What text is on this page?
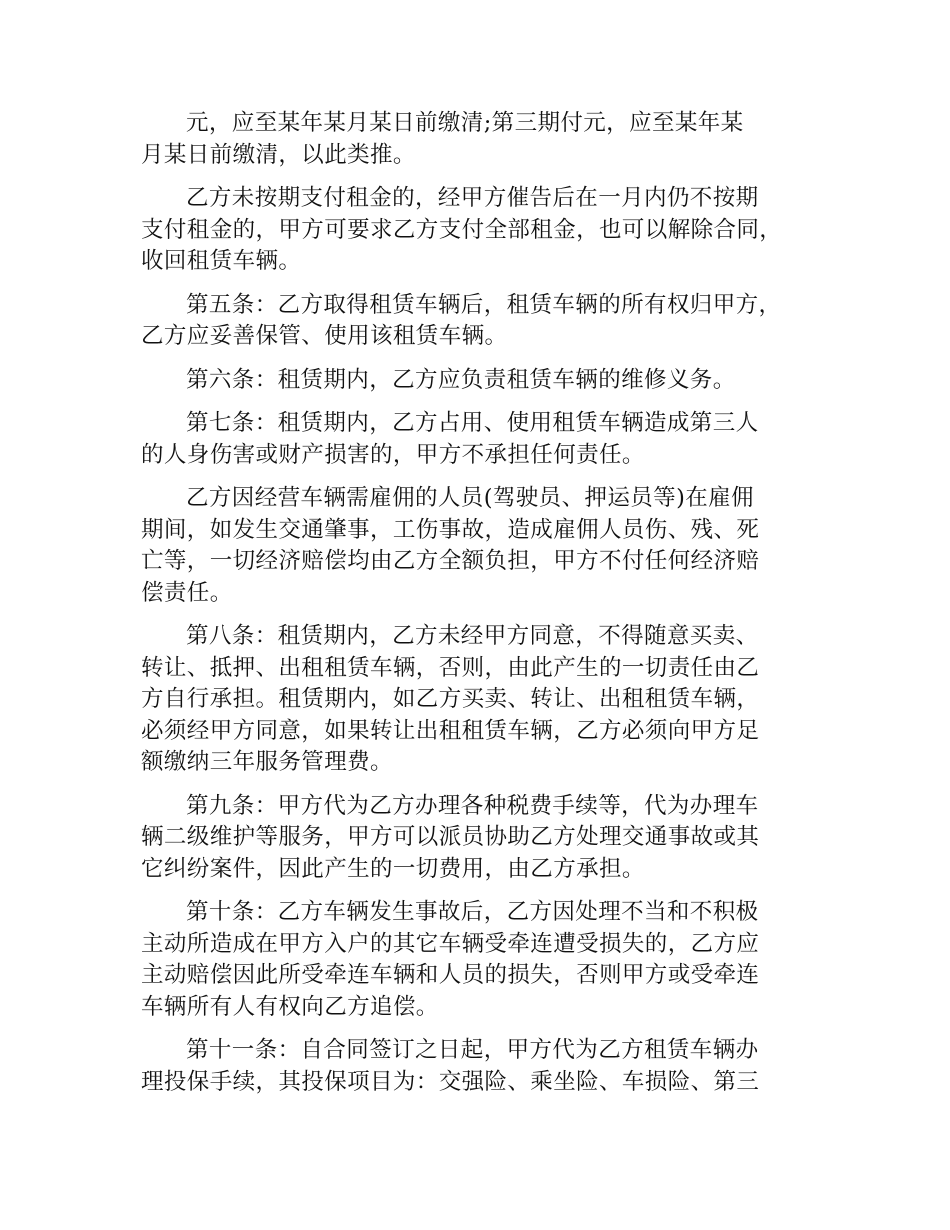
元，应至某年某月某日前缴清;第三期付元，应至某年某
月某日前缴清，以此类推。

乙方未按期支付租金的，经甲方催告后在一月内仍不按期
支付租金的，甲方可要求乙方支付全部租金，也可以解除合同，
收回租赁车辆。

第五条：乙方取得租赁车辆后，租赁车辆的所有权归甲方，
乙方应妥善保管、使用该租赁车辆。

第六条：租赁期内，乙方应负责租赁车辆的维修义务。

第七条：租赁期内，乙方占用、使用租赁车辆造成第三人
的人身伤害或财产损害的，甲方不承担任何责任。

乙方因经营车辆需雇佣的人员(驾驶员、押运员等)在雇佣
期间，如发生交通肇事，工伤事故，造成雇佣人员伤、残、死
亡等，一切经济赔偿均由乙方全额负担，甲方不付任何经济赔
偿责任。

第八条：租赁期内，乙方未经甲方同意，不得随意买卖、
转让、抵押、出租租赁车辆，否则，由此产生的一切责任由乙
方自行承担。租赁期内，如乙方买卖、转让、出租租赁车辆，
必须经甲方同意，如果转让出租租赁车辆，乙方必须向甲方足
额缴纳三年服务管理费。

第九条：甲方代为乙方办理各种税费手续等，代为办理车
辆二级维护等服务，甲方可以派员协助乙方处理交通事故或其
它纠纷案件，因此产生的一切费用，由乙方承担。

第十条：乙方车辆发生事故后，乙方因处理不当和不积极
主动所造成在甲方入户的其它车辆受牵连遭受损失的，乙方应
主动赔偿因此所受牵连车辆和人员的损失，否则甲方或受牵连
车辆所有人有权向乙方追偿。

第十一条：自合同签订之日起，甲方代为乙方租赁车辆办
理投保手续，其投保项目为：交强险、乘坐险、车损险、第三
